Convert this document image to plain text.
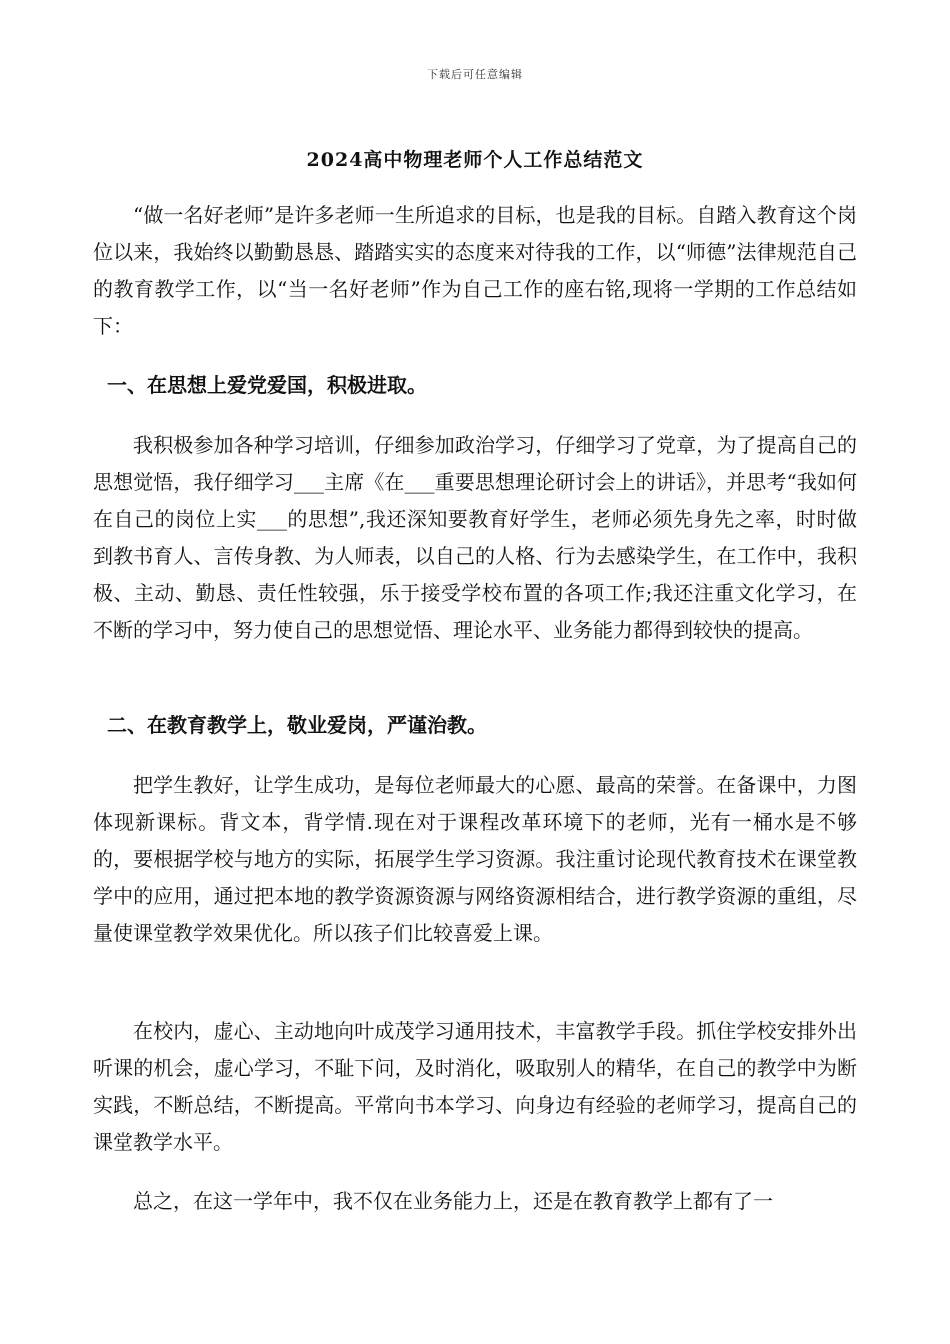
下载后可任意编辑
2024高中物理老师个人工作总结范文

“做一名好老师”是许多老师一生所追求的目标，也是我的目标。自踏入教育这个岗位以来，我始终以勤勤恳恳、踏踏实实的态度来对待我的工作，以“师德”法律规范自己的教育教学工作，以“当一名好老师”作为自己工作的座右铭,现将一学期的工作总结如下：

一、在思想上爱党爱国，积极进取。

我积极参加各种学习培训，仔细参加政治学习，仔细学习了党章，为了提高自己的思想觉悟，我仔细学习___主席《在___重要思想理论研讨会上的讲话》，并思考“我如何在自己的岗位上实___的思想”,我还深知要教育好学生，老师必须先身先之率，时时做到教书育人、言传身教、为人师表，以自己的人格、行为去感染学生，在工作中，我积极、主动、勤恳、责任性较强，乐于接受学校布置的各项工作;我还注重文化学习，在不断的学习中，努力使自己的思想觉悟、理论水平、业务能力都得到较快的提高。

二、在教育教学上，敬业爱岗，严谨治教。

把学生教好，让学生成功，是每位老师最大的心愿、最高的荣誉。在备课中，力图体现新课标。背文本，背学情.现在对于课程改革环境下的老师，光有一桶水是不够的，要根据学校与地方的实际，拓展学生学习资源。我注重讨论现代教育技术在课堂教学中的应用，通过把本地的教学资源资源与网络资源相结合，进行教学资源的重组，尽量使课堂教学效果优化。所以孩子们比较喜爱上课。

在校内，虚心、主动地向叶成茂学习通用技术，丰富教学手段。抓住学校安排外出听课的机会，虚心学习，不耻下问，及时消化，吸取别人的精华，在自己的教学中为断实践，不断总结，不断提高。平常向书本学习、向身边有经验的老师学习，提高自己的课堂教学水平。

总之，在这一学年中，我不仅在业务能力上，还是在教育教学上都有了一
